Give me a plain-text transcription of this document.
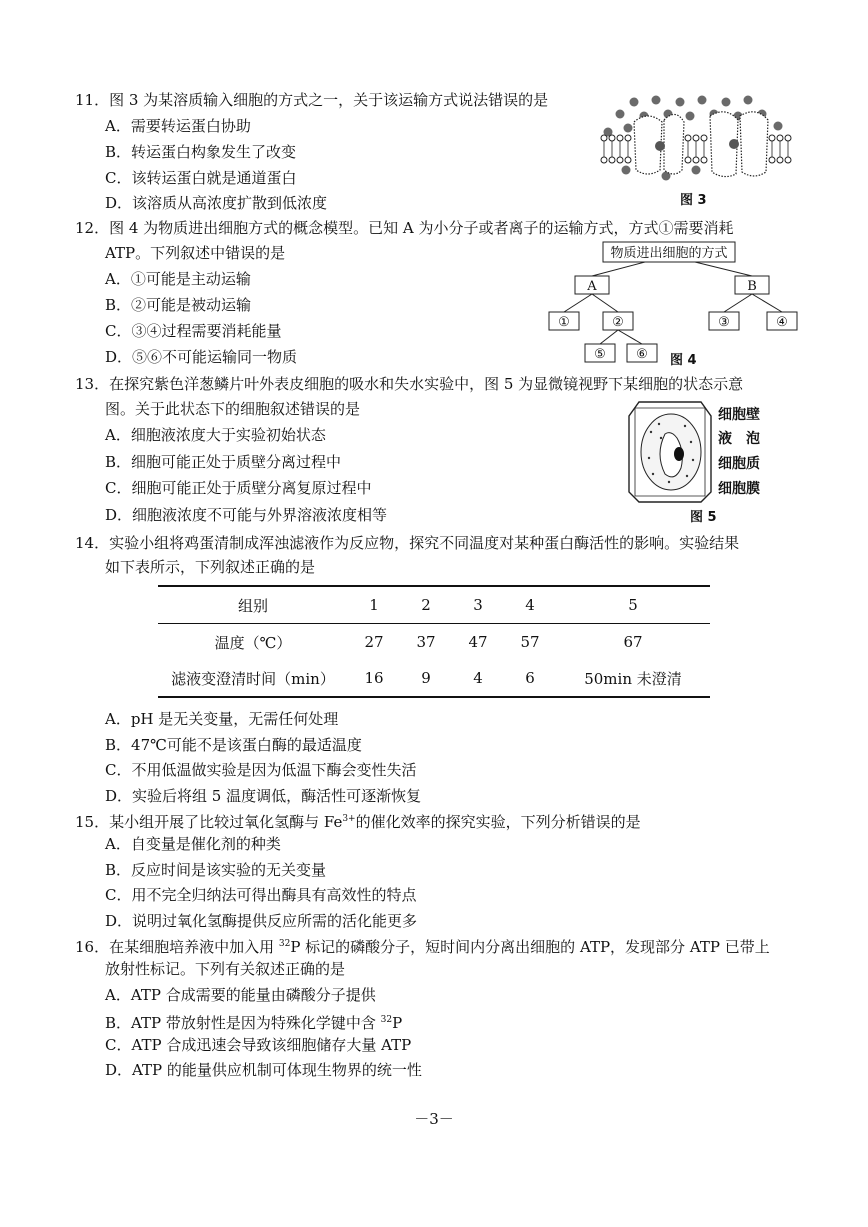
11．图 3 为某溶质输入细胞的方式之一，关于该运输方式说法错误的是
A．需要转运蛋白协助
B．转运蛋白构象发生了改变
C．该转运蛋白就是通道蛋白
D．该溶质从高浓度扩散到低浓度	图 3
12．图 4 为物质进出细胞方式的概念模型。已知 A 为小分子或者离子的运输方式，方式①需要消耗
ATP。下列叙述中错误的是
A．①可能是主动运输
B．②可能是被动运输
C．③④过程需要消耗能量
D．⑤⑥不可能运输同一物质
物质进出细胞的方式
A	B
①	②	③	④
⑤ ⑥ 图 4
13．在探究紫色洋葱鳞片叶外表皮细胞的吸水和失水实验中，图 5 为显微镜视野下某细胞的状态示意
图。关于此状态下的细胞叙述错误的是
A．细胞液浓度大于实验初始状态
B．细胞可能正处于质壁分离过程中
C．细胞可能正处于质壁分离复原过程中
D．细胞液浓度不可能与外界溶液浓度相等
细胞壁
液　泡
细胞质
细胞膜
图 5
14．实验小组将鸡蛋清制成浑浊滤液作为反应物，探究不同温度对某种蛋白酶活性的影响。实验结果
如下表所示，下列叙述正确的是
组别	1	2	3	4	5
温度（℃）	27	37	47	57	67
滤液变澄清时间（min）	16	9	4	6	50min 未澄清
A．pH 是无关变量，无需任何处理
B．47℃可能不是该蛋白酶的最适温度
C．不用低温做实验是因为低温下酶会变性失活
D．实验后将组 5 温度调低，酶活性可逐渐恢复
15．某小组开展了比较过氧化氢酶与 $Fe^{3+}$的催化效率的探究实验，下列分析错误的是
A．自变量是催化剂的种类
B．反应时间是该实验的无关变量
C．用不完全归纳法可得出酶具有高效性的特点
D．说明过氧化氢酶提供反应所需的活化能更多
16．在某细胞培养液中加入用 $^{32}$P 标记的磷酸分子，短时间内分离出细胞的 ATP，发现部分 ATP 已带上
放射性标记。下列有关叙述正确的是
A．ATP 合成需要的能量由磷酸分子提供
B．ATP 带放射性是因为特殊化学键中含 $^{32}$P
C．ATP 合成迅速会导致该细胞储存大量 ATP
D．ATP 的能量供应机制可体现生物界的统一性
－3－
